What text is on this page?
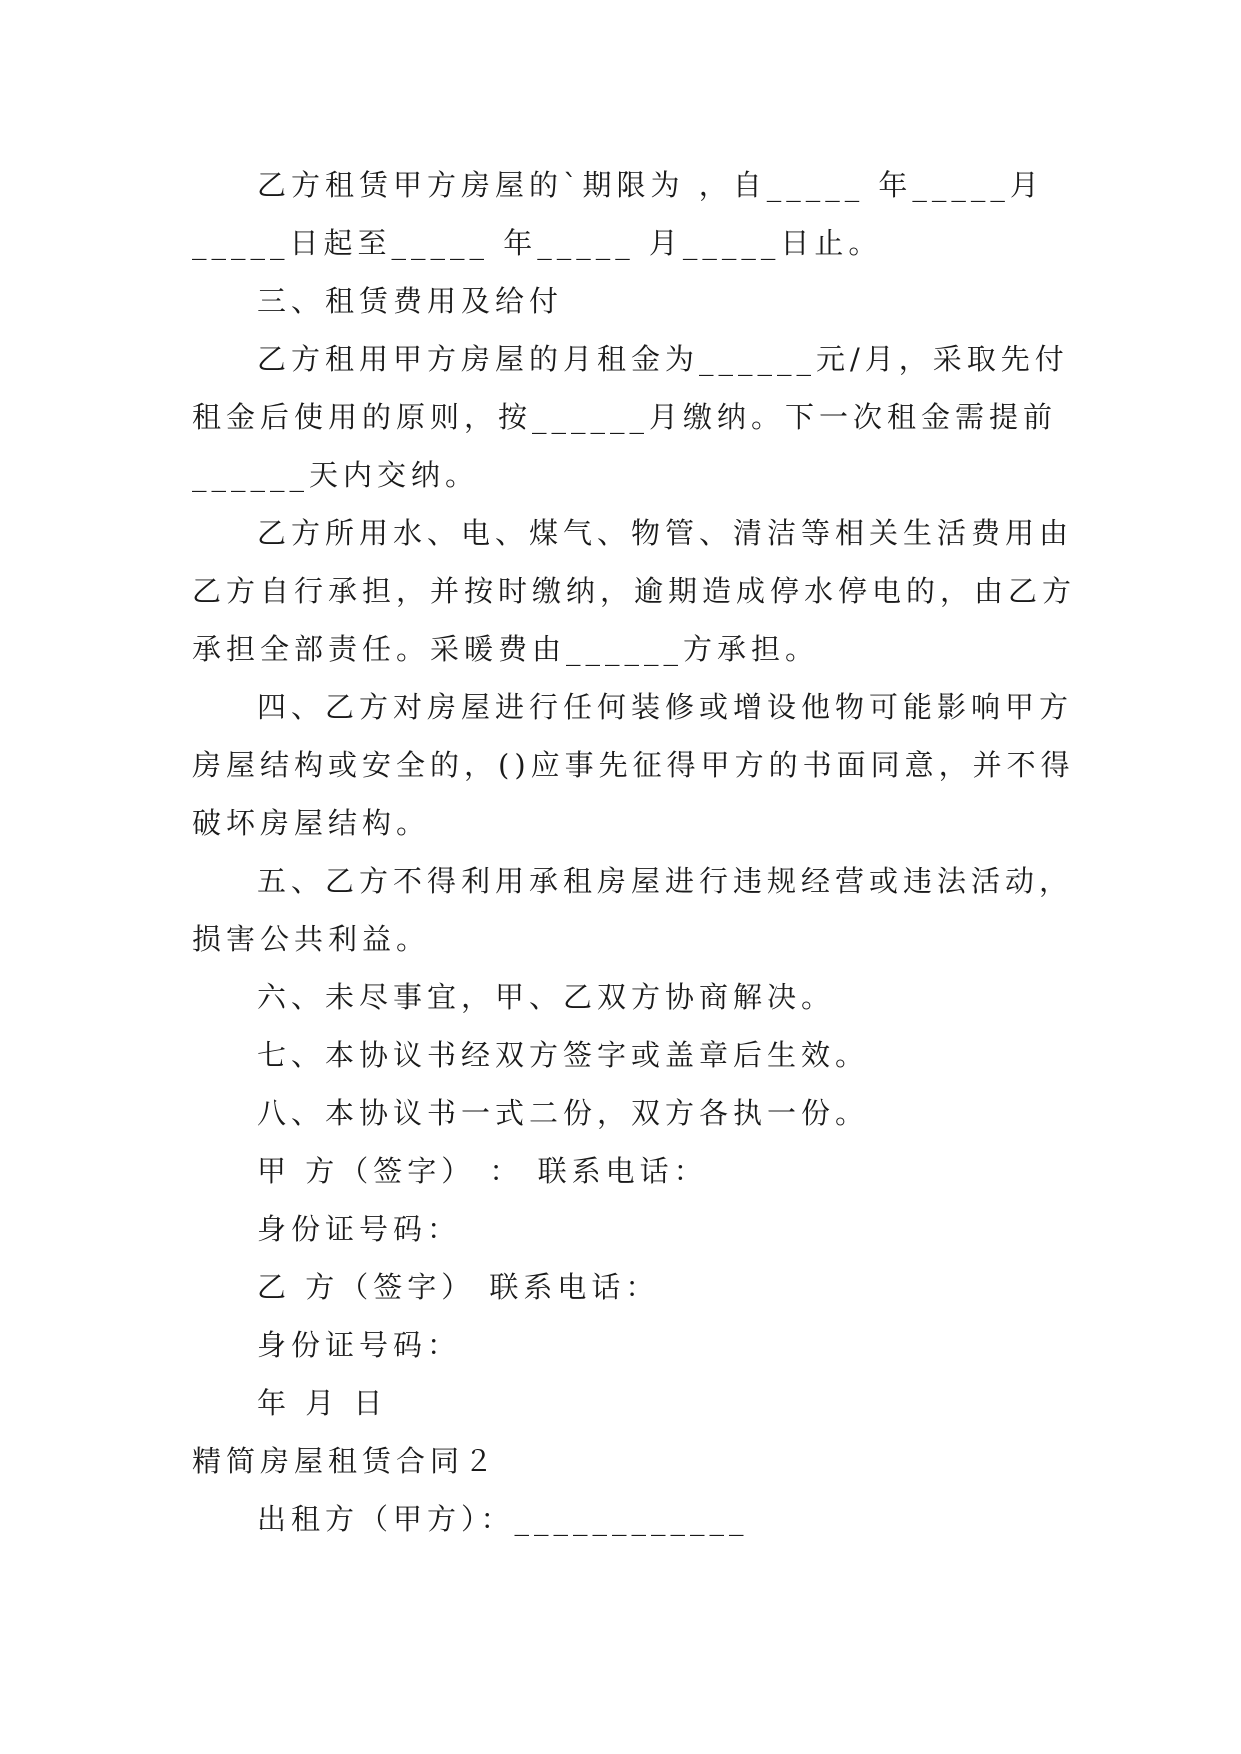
乙方租赁甲方房屋的`期限为 ，自_____ 年_____月
_____日起至_____ 年_____ 月_____日止。
三、租赁费用及给付
乙方租用甲方房屋的月租金为______元/月，采取先付
租金后使用的原则，按______月缴纳。下一次租金需提前
______天内交纳。
乙方所用水、电、煤气、物管、清洁等相关生活费用由
乙方自行承担，并按时缴纳，逾期造成停水停电的，由乙方
承担全部责任。采暖费由______方承担。
四、乙方对房屋进行任何装修或增设他物可能影响甲方
房屋结构或安全的，()应事先征得甲方的书面同意，并不得
破坏房屋结构。
五、乙方不得利用承租房屋进行违规经营或违法活动，
损害公共利益。
六、未尽事宜，甲、乙双方协商解决。
七、本协议书经双方签字或盖章后生效。
八、本协议书一式二份，双方各执一份。
甲 方（签字） ： 联系电话：
身份证号码：
乙 方（签字） 联系电话：
身份证号码：
年 月 日
精简房屋租赁合同２
出租方（甲方）：____________
